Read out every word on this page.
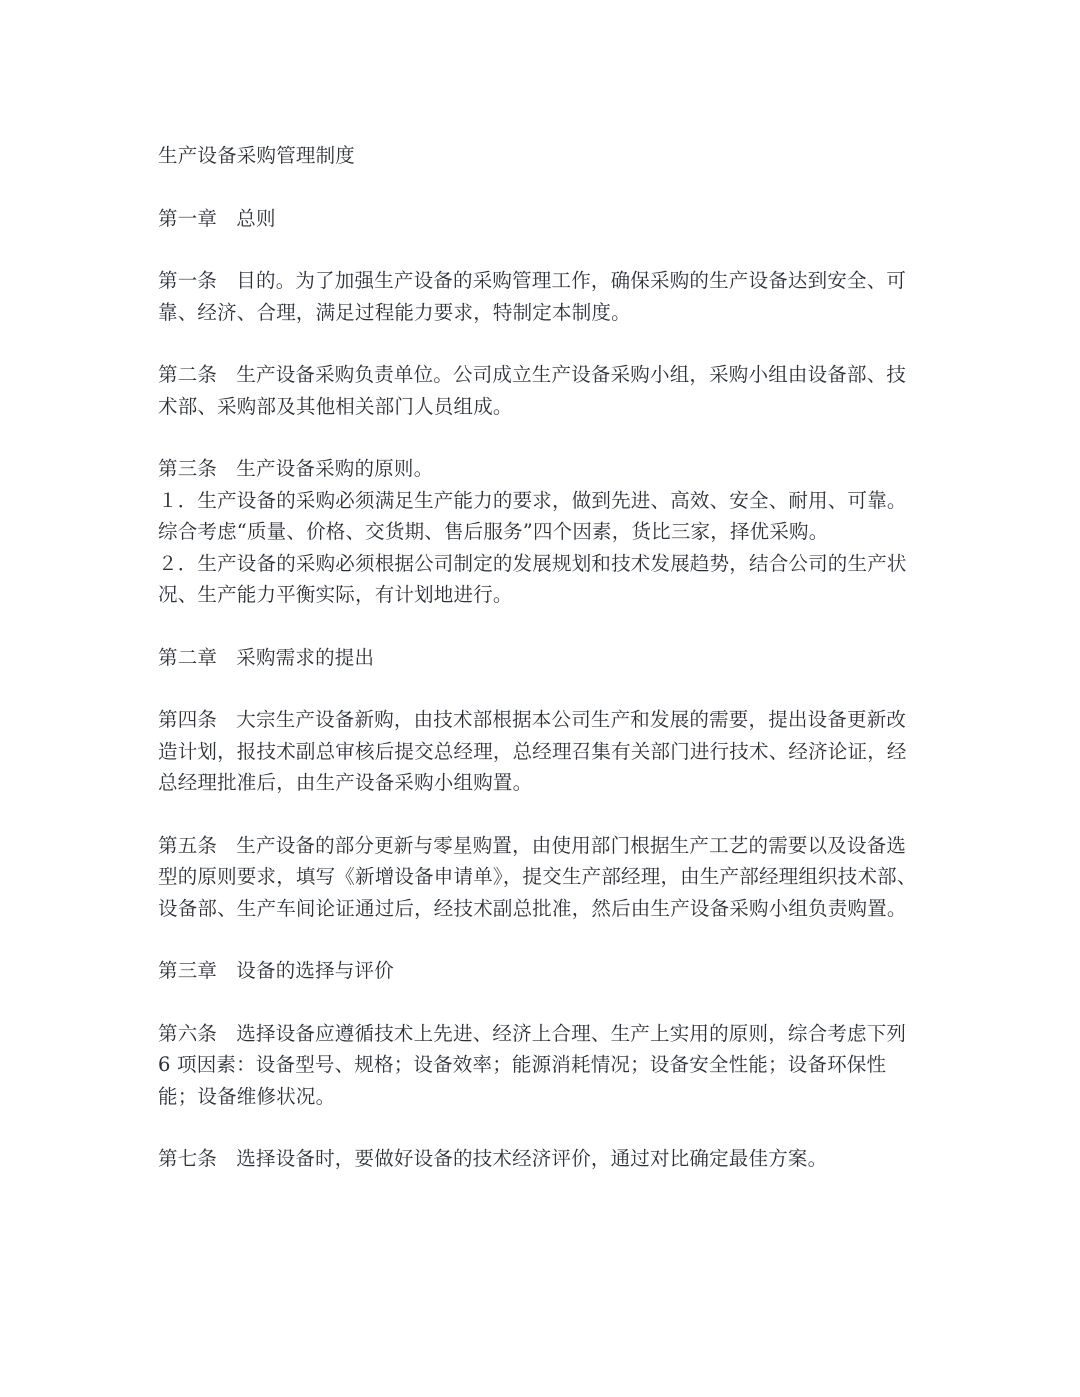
生产设备采购管理制度

第一章   总则

第一条   目的。为了加强生产设备的采购管理工作，确保采购的生产设备达到安全、可靠、经济、合理，满足过程能力要求，特制定本制度。

第二条   生产设备采购负责单位。公司成立生产设备采购小组，采购小组由设备部、技术部、采购部及其他相关部门人员组成。

第三条   生产设备采购的原则。

１．生产设备的采购必须满足生产能力的要求，做到先进、高效、安全、耐用、可靠。综合考虑“质量、价格、交货期、售后服务”四个因素，货比三家，择优采购。

２．生产设备的采购必须根据公司制定的发展规划和技术发展趋势，结合公司的生产状况、生产能力平衡实际，有计划地进行。

第二章   采购需求的提出

第四条   大宗生产设备新购，由技术部根据本公司生产和发展的需要，提出设备更新改造计划，报技术副总审核后提交总经理，总经理召集有关部门进行技术、经济论证，经总经理批准后，由生产设备采购小组购置。

第五条   生产设备的部分更新与零星购置，由使用部门根据生产工艺的需要以及设备选型的原则要求，填写《新增设备申请单》，提交生产部经理，由生产部经理组织技术部、设备部、生产车间论证通过后，经技术副总批准，然后由生产设备采购小组负责购置。

第三章   设备的选择与评价

第六条   选择设备应遵循技术上先进、经济上合理、生产上实用的原则，综合考虑下列 6 项因素：设备型号、规格；设备效率；能源消耗情况；设备安全性能；设备环保性能；设备维修状况。

第七条   选择设备时，要做好设备的技术经济评价，通过对比确定最佳方案。
